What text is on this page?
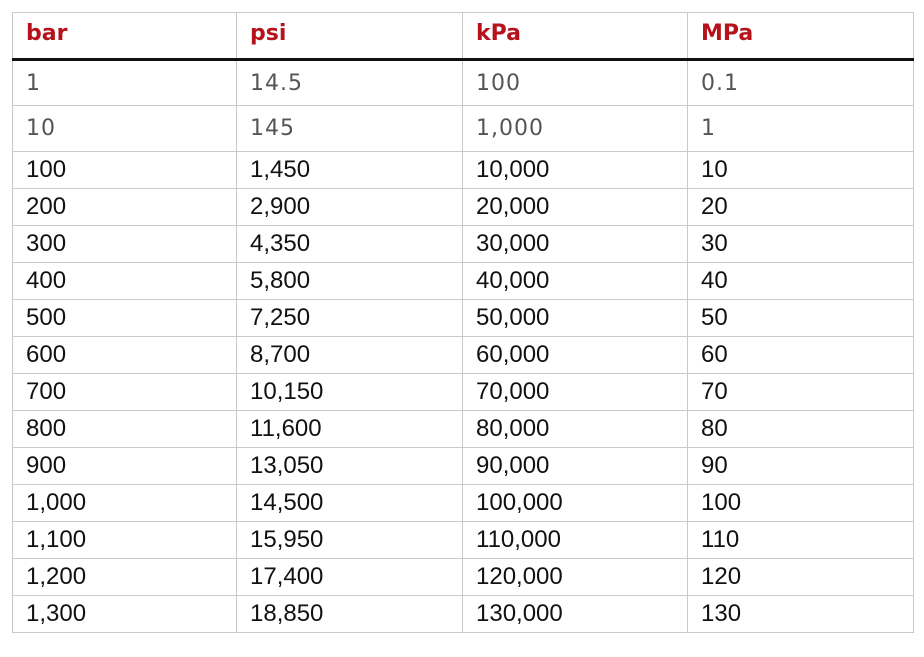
bar	psi	kPa	MPa
1	14.5	100	0.1
10	145	1,000	1
100	1,450	10,000	10
200	2,900	20,000	20
300	4,350	30,000	30
400	5,800	40,000	40
500	7,250	50,000	50
600	8,700	60,000	60
700	10,150	70,000	70
800	11,600	80,000	80
900	13,050	90,000	90
1,000	14,500	100,000	100
1,100	15,950	110,000	110
1,200	17,400	120,000	120
1,300	18,850	130,000	130
